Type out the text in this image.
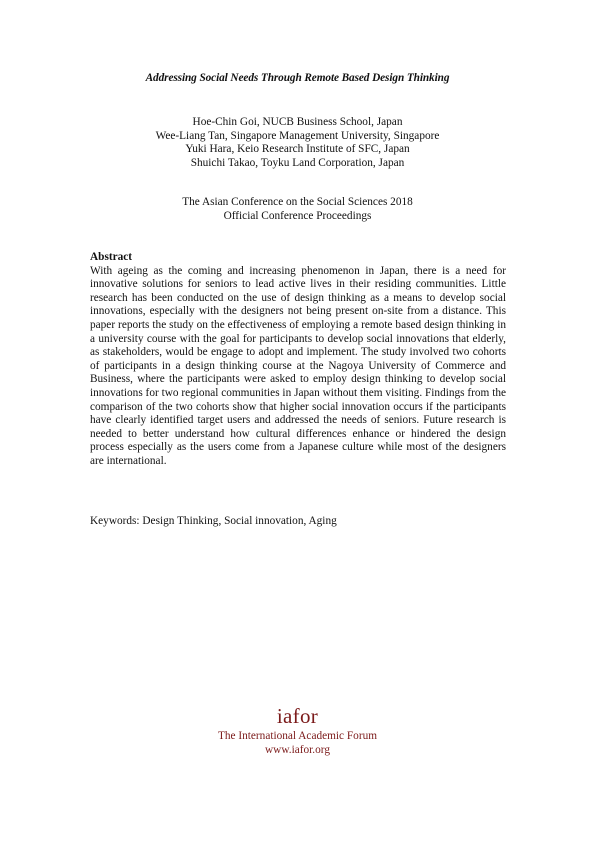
Addressing Social Needs Through Remote Based Design Thinking
Hoe-Chin Goi, NUCB Business School, Japan
Wee-Liang Tan, Singapore Management University, Singapore
Yuki Hara, Keio Research Institute of SFC, Japan
Shuichi Takao, Toyku Land Corporation, Japan
The Asian Conference on the Social Sciences 2018
Official Conference Proceedings
Abstract
With ageing as the coming and increasing phenomenon in Japan, there is a need for innovative solutions for seniors to lead active lives in their residing communities. Little research has been conducted on the use of design thinking as a means to develop social innovations, especially with the designers not being present on-site from a distance. This paper reports the study on the effectiveness of employing a remote based design thinking in a university course with the goal for participants to develop social innovations that elderly, as stakeholders, would be engage to adopt and implement. The study involved two cohorts of participants in a design thinking course at the Nagoya University of Commerce and Business, where the participants were asked to employ design thinking to develop social innovations for two regional communities in Japan without them visiting. Findings from the comparison of the two cohorts show that higher social innovation occurs if the participants have clearly identified target users and addressed the needs of seniors. Future research is needed to better understand how cultural differences enhance or hindered the design process especially as the users come from a Japanese culture while most of the designers are international.
Keywords: Design Thinking, Social innovation, Aging
iafor
The International Academic Forum
www.iafor.org
